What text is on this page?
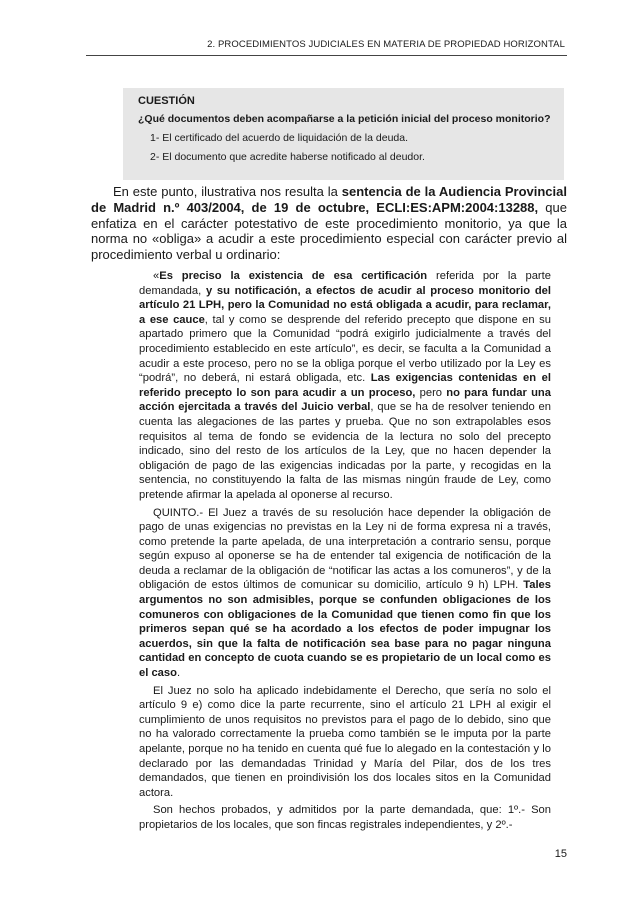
2. PROCEDIMIENTOS JUDICIALES EN MATERIA DE PROPIEDAD HORIZONTAL
CUESTIÓN
¿Qué documentos deben acompañarse a la petición inicial del proceso monitorio?
1- El certificado del acuerdo de liquidación de la deuda.
2- El documento que acredite haberse notificado al deudor.

En este punto, ilustrativa nos resulta la sentencia de la Audiencia Provincial de Madrid n.º 403/2004, de 19 de octubre, ECLI:ES:APM:2004:13288, que enfatiza en el carácter potestativo de este procedimiento monitorio, ya que la norma no «obliga» a acudir a este procedimiento especial con carácter previo al procedimiento verbal u ordinario:

«Es preciso la existencia de esa certificación referida por la parte demandada, y su notificación, a efectos de acudir al proceso monitorio del artículo 21 LPH, pero la Comunidad no está obligada a acudir, para reclamar, a ese cauce, tal y como se desprende del referido precepto que dispone en su apartado primero que la Comunidad “podrá exigirlo judicialmente a través del procedimiento establecido en este artículo”, es decir, se faculta a la Comunidad a acudir a este proceso, pero no se la obliga porque el verbo utilizado por la Ley es “podrá”, no deberá, ni estará obligada, etc. Las exigencias contenidas en el referido precepto lo son para acudir a un proceso, pero no para fundar una acción ejercitada a través del Juicio verbal, que se ha de resolver teniendo en cuenta las alegaciones de las partes y prueba. Que no son extrapolables esos requisitos al tema de fondo se evidencia de la lectura no solo del precepto indicado, sino del resto de los artículos de la Ley, que no hacen depender la obligación de pago de las exigencias indicadas por la parte, y recogidas en la sentencia, no constituyendo la falta de las mismas ningún fraude de Ley, como pretende afirmar la apelada al oponerse al recurso.

QUINTO.- El Juez a través de su resolución hace depender la obligación de pago de unas exigencias no previstas en la Ley ni de forma expresa ni a través, como pretende la parte apelada, de una interpretación a contrario sensu, porque según expuso al oponerse se ha de entender tal exigencia de notificación de la deuda a reclamar de la obligación de “notificar las actas a los comuneros”, y de la obligación de estos últimos de comunicar su domicilio, artículo 9 h) LPH. Tales argumentos no son admisibles, porque se confunden obligaciones de los comuneros con obligaciones de la Comunidad que tienen como fin que los primeros sepan qué se ha acordado a los efectos de poder impugnar los acuerdos, sin que la falta de notificación sea base para no pagar ninguna cantidad en concepto de cuota cuando se es propietario de un local como es el caso.

El Juez no solo ha aplicado indebidamente el Derecho, que sería no solo el artículo 9 e) como dice la parte recurrente, sino el artículo 21 LPH al exigir el cumplimiento de unos requisitos no previstos para el pago de lo debido, sino que no ha valorado correctamente la prueba como también se le imputa por la parte apelante, porque no ha tenido en cuenta qué fue lo alegado en la contestación y lo declarado por las demandadas Trinidad y María del Pilar, dos de los tres demandados, que tienen en proindivisión los dos locales sitos en la Comunidad actora.

Son hechos probados, y admitidos por la parte demandada, que: 1º.- Son propietarios de los locales, que son fincas registrales independientes, y 2º.-

15
